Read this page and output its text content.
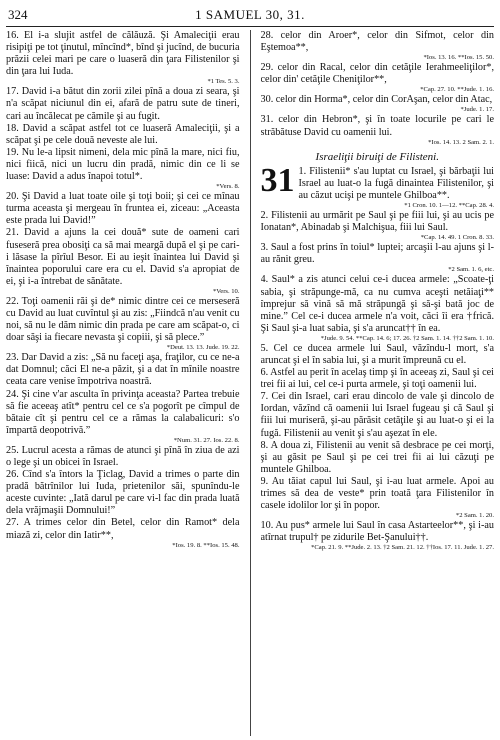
324	1 SAMUEL 30, 31.

16. El i-a slujit astfel de călăuză. Şi Amaleciţii erau risipiţi pe tot ţinutul, mîncînd*, bînd şi jucînd, de bucuria prăzii celei mari pe care o luaseră din ţara Filistenilor şi din ţara lui Iuda.

*1 Tes. 5. 3.

17. David i-a bătut din zorii zilei pînă a doua zi seara, şi n'a scăpat niciunul din ei, afară de patru sute de tineri, cari au încălecat pe cămile şi au fugit.

18. David a scăpat astfel tot ce luaseră Amaleciţii, şi a scăpat şi pe cele două neveste ale lui.

19. Nu le-a lipsit nimeni, dela mic pînă la mare, nici fiu, nici fiică, nici un lucru din pradă, nimic din ce li se luase: David a adus înapoi totul*.

*Vers. 8.

20. Şi David a luat toate oile şi toţi boii; şi cei ce mînau turma aceasta şi mergeau în fruntea ei, ziceau: „Aceasta este prada lui David!”

21. David a ajuns la cei două* sute de oameni cari fuseseră prea obosiţi ca să mai meargă după el şi pe cari-i lăsase la pîrîul Besor. Ei au ieşit înaintea lui David şi înaintea poporului care era cu el. David s'a apropiat de ei, şi i-a întrebat de sănătate.

*Vers. 10.

22. Toţi oamenii răi şi de* nimic dintre cei ce merseseră cu David au luat cuvîntul şi au zis: „Fiindcă n'au venit cu noi, să nu le dăm nimic din prada pe care am scăpat-o, ci doar săşi ia fiecare nevasta şi copiii, şi să plece.”

*Deut. 13. 13. Jude. 19. 22.

23. Dar David a zis: „Să nu faceţi aşa, fraţilor, cu ce ne-a dat Domnul; căci El ne-a păzit, şi a dat în mînile noastre ceata care venise împotriva noastră.

24. Şi cine v'ar asculta în privinţa aceasta? Partea trebuie să fie aceeaş atît* pentru cel ce s'a pogorît pe cîmpul de bătaie cît şi pentru cel ce a rămas la calabalicuri: s'o împartă deopotrivă.”

*Num. 31. 27. Ios. 22. 8.

25. Lucrul acesta a rămas de atunci şi pînă în ziua de azi o lege şi un obicei în Israel.

26. Cînd s'a întors la Ţiclag, David a trimes o parte din pradă bătrînilor lui Iuda, prietenilor săi, spunîndu-le aceste cuvinte: „Iată darul pe care vi-l fac din prada luată dela vrăjmaşii Domnului!”

27. A trimes celor din Betel, celor din Ramot* dela miază zi, celor din Iatir**,

*Ios. 19. 8. **Ios. 15. 48.

28. celor din Aroer*, celor din Sifmot, celor din Eştemoa**,

*Ios. 13. 16. **Ios. 15. 50.

29. celor din Racal, celor din cetăţile Ierahmeeliţilor*, celor din' cetăţile Cheniţilor**,

*Cap. 27. 10. **Jude. 1. 16.

30. celor din Horma*, celor din CorAşan, celor din Atac,

*Jude. 1. 17.

31. celor din Hebron*, şi în toate locurile pe cari le străbătuse David cu oamenii lui.

*Ios. 14. 13. 2 Sam. 2. 1.
Israeliţii biruiţi de Filisteni.
31 1. Filistenii* s'au luptat cu Israel, şi bărbaţii lui Israel au luat-o la fugă dinaintea Filistenilor, şi au căzut ucişi pe muntele Ghilboa**.

*1 Cron. 10. 1—12. **Cap. 28. 4.

2. Filistenii au urmărit pe Saul şi pe fiii lui, şi au ucis pe Ionatan*, Abinadab şi Malchişua, fiii lui Saul.

*Cap. 14. 49. 1 Cron. 8. 33.

3. Saul a fost prins în toiul* luptei; arcaşii l-au ajuns şi l-au rănit greu.

*2 Sam. 1. 6, etc.

4. Saul* a zis atunci celui ce-i ducea armele: „Scoate-ţi sabia, şi străpunge-mă, ca nu cumva aceşti netăiaţi** împrejur să vină să mă străpungă şi să-şi bată joc de mine.” Cel ce-i ducea armele n'a voit, căci îi era †frică. Şi Saul şi-a luat sabia, şi s'a aruncat†† în ea.

*Jude. 9. 54. **Cap. 14. 6; 17. 26. †2 Sam. 1. 14. ††2 Sam. 1. 10.

5. Cel ce ducea armele lui Saul, văzîndu-l mort, s'a aruncat şi el în sabia lui, şi a murit împreună cu el.

6. Astfel au perit în acelaş timp şi în aceeaş zi, Saul şi cei trei fii ai lui, cel ce-i purta armele, şi toţi oamenii lui.

7. Cei din Israel, cari erau dincolo de vale şi dincolo de Iordan, văzînd că oamenii lui Israel fugeau şi că Saul şi fiii lui muriseră, şi-au părăsit cetăţile şi au luat-o şi ei la fugă. Filistenii au venit şi s'au aşezat în ele.

8. A doua zi, Filistenii au venit să desbrace pe cei morţi, şi au găsit pe Saul şi pe cei trei fii ai lui căzuţi pe muntele Ghilboa.

9. Au tăiat capul lui Saul, şi i-au luat armele. Apoi au trimes să dea de veste* prin toată ţara Filistenilor în casele idolilor lor şi în popor.

*2 Sam. 1. 20.

10. Au pus* armele lui Saul în casa Astarteelor**, şi i-au atîrnat trupul† pe zidurile Bet-Şanului††.

*Cap. 21. 9. **Jude. 2. 13. †2 Sam. 21. 12. ††Ios. 17. 11. Jude. 1. 27.
